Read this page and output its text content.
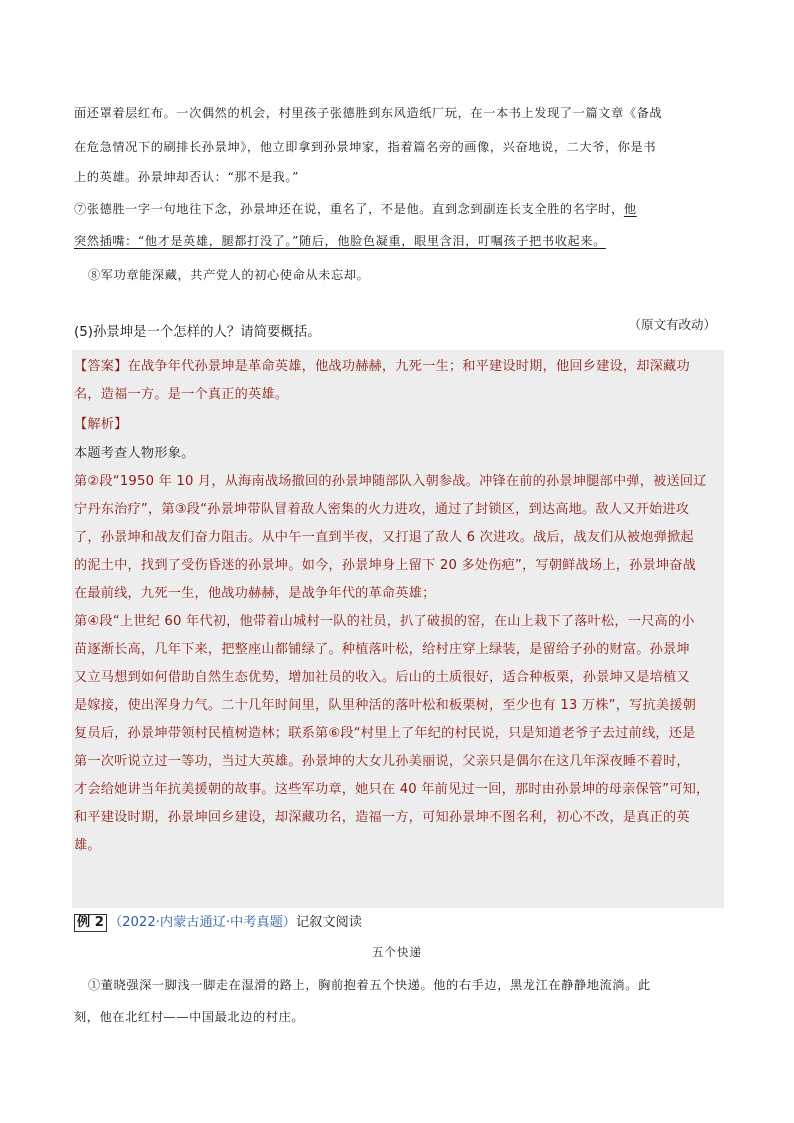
面还罩着层红布。一次偶然的机会，村里孩子张德胜到东风造纸厂玩，在一本书上发现了一篇文章《备战

在危急情况下的刷排长孙景坤》，他立即拿到孙景坤家，指着篇名旁的画像，兴奋地说，二大爷，你是书

上的英雄。孙景坤却否认：“那不是我。”

⑦张德胜一字一句地往下念，孙景坤还在说，重名了，不是他。直到念到副连长支全胜的名字时，他

突然插嘴：“他才是英雄，腿都打没了。”随后，他脸色凝重，眼里含泪，叮嘱孩子把书收起来。

⑧军功章能深藏，共产党人的初心使命从未忘却。

（原文有改动）

(5)孙景坤是一个怎样的人？请简要概括。

【答案】在战争年代孙景坤是革命英雄，他战功赫赫，九死一生；和平建设时期，他回乡建设，却深藏功

名，造福一方。是一个真正的英雄。

【解析】

本题考查人物形象。

第②段“1950 年 10 月，从海南战场撤回的孙景坤随部队入朝参战。冲锋在前的孙景坤腿部中弹，被送回辽

宁丹东治疗”，第③段“孙景坤带队冒着敌人密集的火力进攻，通过了封锁区，到达高地。敌人又开始进攻

了，孙景坤和战友们奋力阻击。从中午一直到半夜，又打退了敌人 6 次进攻。战后，战友们从被炮弹掀起

的泥土中，找到了受伤昏迷的孙景坤。如今，孙景坤身上留下 20 多处伤疤”，写朝鲜战场上，孙景坤奋战

在最前线，九死一生，他战功赫赫，是战争年代的革命英雄；

第④段“上世纪 60 年代初，他带着山城村一队的社员，扒了破损的窑，在山上栽下了落叶松，一尺高的小

苗逐渐长高，几年下来，把整座山都铺绿了。种植落叶松，给村庄穿上绿装，是留给子孙的财富。孙景坤

又立马想到如何借助自然生态优势，增加社员的收入。后山的土质很好，适合种板栗，孙景坤又是培植又

是嫁接，使出浑身力气。二十几年时间里，队里种活的落叶松和板栗树，至少也有 13 万株”，写抗美援朝

复员后，孙景坤带领村民植树造林；联系第⑥段“村里上了年纪的村民说，只是知道老爷子去过前线，还是

第一次听说立过一等功，当过大英雄。孙景坤的大女儿孙美丽说，父亲只是偶尔在这几年深夜睡不着时，

才会给她讲当年抗美援朝的故事。这些军功章，她只在 40 年前见过一回，那时由孙景坤的母亲保管”可知，

和平建设时期，孙景坤回乡建设，却深藏功名，造福一方，可知孙景坤不图名利，初心不改，是真正的英

雄。

例 2 （2022·内蒙古通辽·中考真题）记叙文阅读

五个快递

①董晓强深一脚浅一脚走在湿滑的路上，胸前抱着五个快递。他的右手边，黑龙江在静静地流淌。此

刻，他在北红村——中国最北边的村庄。
